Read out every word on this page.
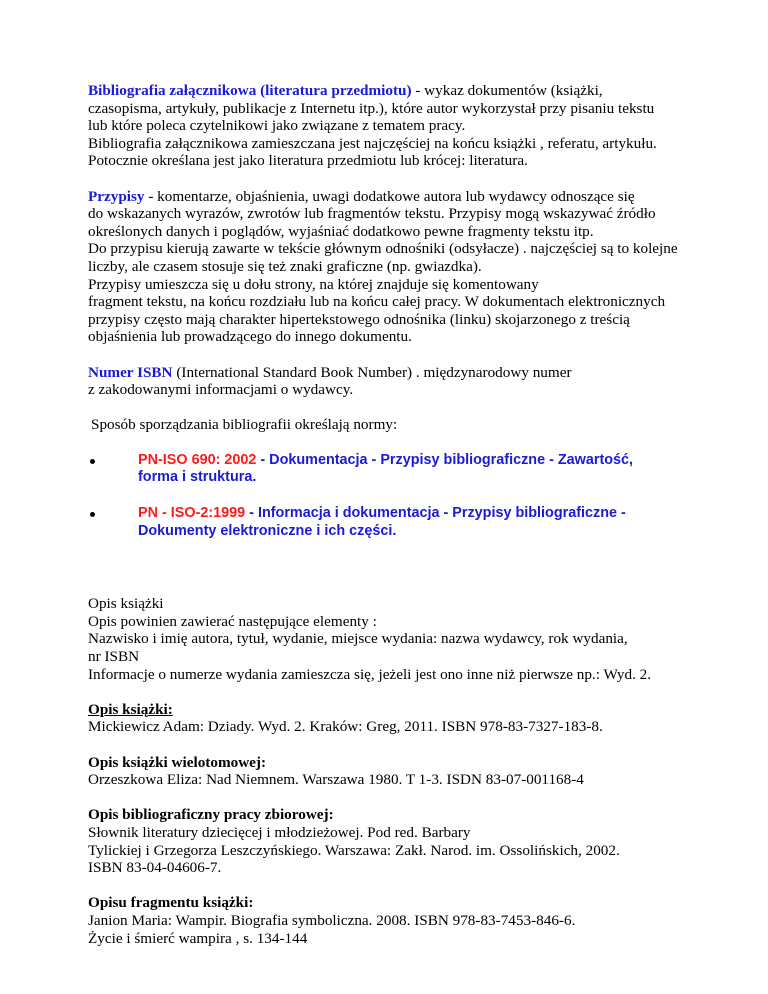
Bibliografia załącznikowa (literatura przedmiotu) - wykaz dokumentów (książki,

czasopisma, artykuły, publikacje z Internetu itp.), które autor wykorzystał przy pisaniu tekstu

lub które poleca czytelnikowi jako związane z tematem pracy.

Bibliografia załącznikowa zamieszczana jest najczęściej na końcu książki , referatu, artykułu.

Potocznie określana jest jako literatura przedmiotu lub krócej: literatura.

Przypisy - komentarze, objaśnienia, uwagi dodatkowe autora lub wydawcy odnoszące się

do wskazanych wyrazów, zwrotów lub fragmentów tekstu. Przypisy mogą wskazywać źródło

określonych danych i poglądów, wyjaśniać dodatkowo pewne fragmenty tekstu itp.

Do przypisu kierują zawarte w tekście głównym odnośniki (odsyłacze) . najczęściej są to kolejne

liczby, ale czasem stosuje się też znaki graficzne (np. gwiazdka).

Przypisy umieszcza się u dołu strony, na której znajduje się komentowany

fragment tekstu, na końcu rozdziału lub na końcu całej pracy. W dokumentach elektronicznych

przypisy często mają charakter hipertekstowego odnośnika (linku) skojarzonego z treścią

objaśnienia lub prowadzącego do innego dokumentu.

Numer ISBN (International Standard Book Number) . międzynarodowy numer

z zakodowanymi informacjami o wydawcy.

Sposób sporządzania bibliografii określają normy:

PN-ISO 690: 2002 - Dokumentacja - Przypisy bibliograficzne - Zawartość,
forma i struktura.
PN - ISO-2:1999 - Informacja i dokumentacja - Przypisy bibliograficzne -
Dokumenty elektroniczne i ich części.

Opis książki

Opis powinien zawierać następujące elementy :

Nazwisko i imię autora, tytuł, wydanie, miejsce wydania: nazwa wydawcy, rok wydania,

nr ISBN

Informacje o numerze wydania zamieszcza się, jeżeli jest ono inne niż pierwsze np.: Wyd. 2.

Opis książki:

Mickiewicz Adam: Dziady. Wyd. 2. Kraków: Greg, 2011. ISBN 978-83-7327-183-8.

Opis książki wielotomowej:

Orzeszkowa Eliza: Nad Niemnem. Warszawa 1980. T 1-3. ISDN 83-07-001168-4

Opis bibliograficzny pracy zbiorowej:

Słownik literatury dziecięcej i młodzieżowej. Pod red. Barbary

Tylickiej i Grzegorza Leszczyńskiego. Warszawa: Zakł. Narod. im. Ossolińskich, 2002.

ISBN 83-04-04606-7.

Opisu fragmentu książki:

Janion Maria: Wampir. Biografia symboliczna. 2008. ISBN 978-83-7453-846-6.

Życie i śmierć wampira , s. 134-144
